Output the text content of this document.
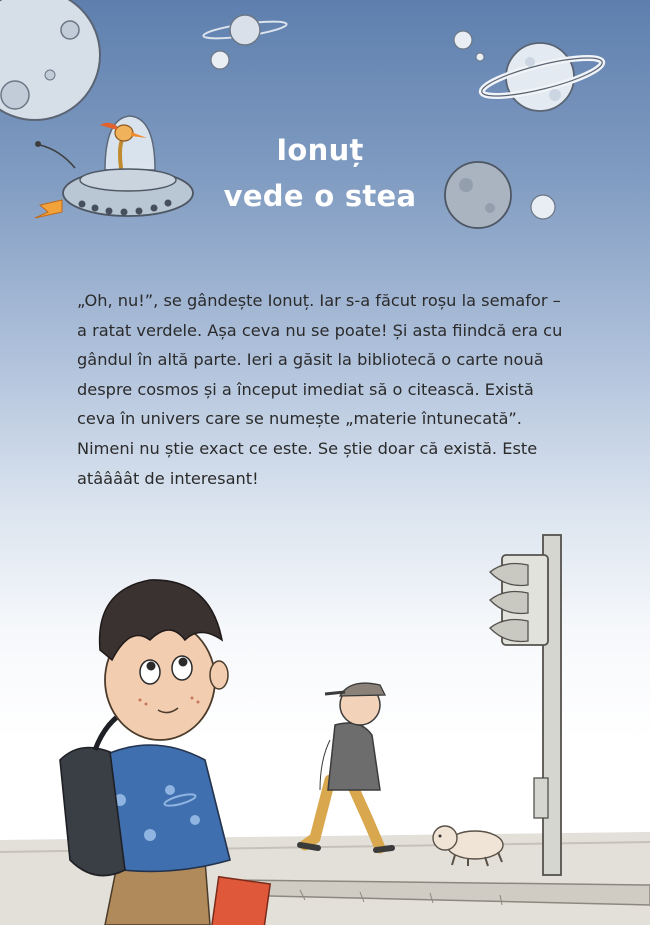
Ionuț
vede o stea

„Oh, nu!”, se gândește Ionuț. Iar s-a făcut roșu la semafor – a ratat verdele. Așa ceva nu se poate! Și asta fiindcă era cu gândul în altă parte. Ieri a găsit la bibliotecă o carte nouă despre cosmos și a început imediat să o citească. Există ceva în univers care se numește „materie întunecată”. Nimeni nu știe exact ce este. Se știe doar că există. Este atâââât de interesant!
